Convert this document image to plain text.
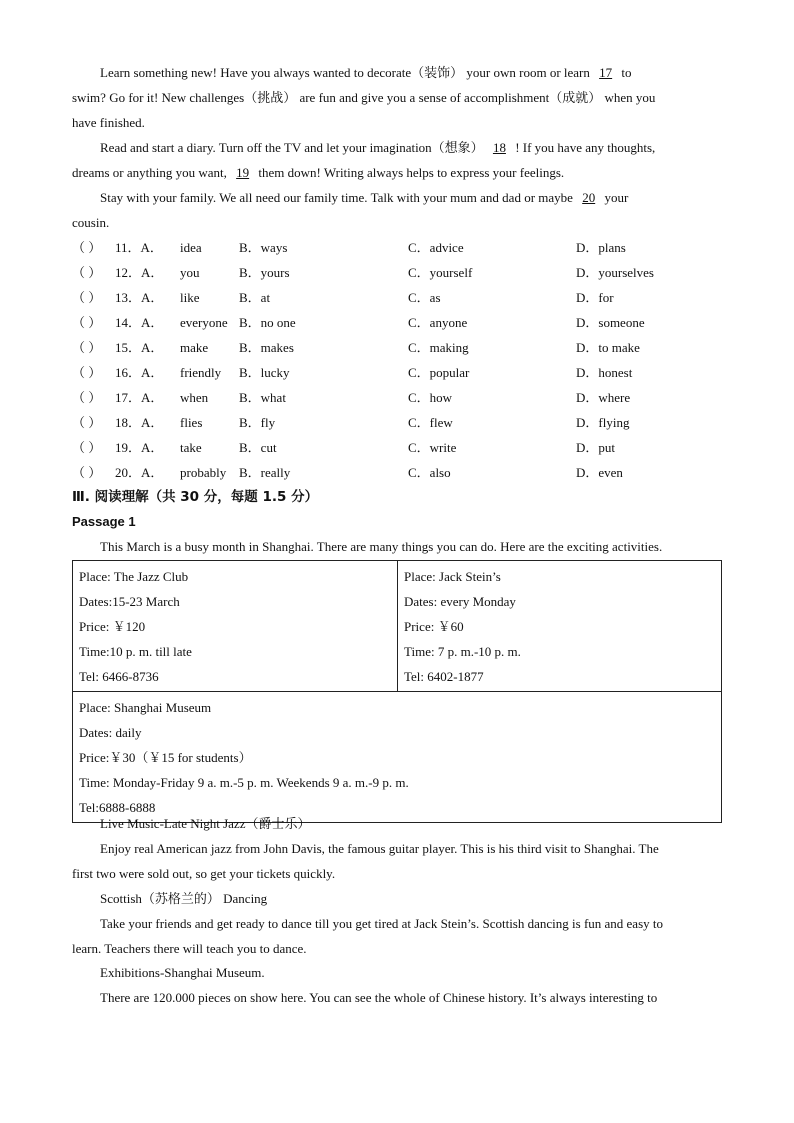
Learn something new! Have you always wanted to decorate（装饰） your own room or learn 17 to
swim? Go for it! New challenges（挑战） are fun and give you a sense of accomplishment（成就） when you
have finished.
Read and start a diary. Turn off the TV and let your imagination（想象） 18 ! If you have any thoughts,
dreams or anything you want, 19 them down! Writing always helps to express your feelings.
Stay with your family. We all need our family time. Talk with your mum and dad or maybe 20 your
cousin.
（ ） 11．A． idea	B．ways	C．advice	D．plans
（ ） 12．A． you	B．yours	C．yourself	D．yourselves
（ ） 13．A． like	B．at	C．as	D．for
（ ） 14．A． everyone B．no one	C．anyone	D．someone
（ ） 15．A． make B．makes	C．making	D．to make
（ ） 16．A． friendly B．lucky	C．popular	D．honest
（ ） 17．A． when B．what	C．how	D．where
（ ） 18．A． flies	B．fly	C．flew	D．flying
（ ） 19．A． take	B．cut	C．write	D．put
（ ） 20．A． probably B．really	C．also	D．even
Ⅲ. 阅读理解（共 30 分，每题 1.5 分）
Passage 1
This March is a busy month in Shanghai. There are many things you can do. Here are the exciting activities.
Place: The Jazz Club
Dates:15-23 March
Price: ￥120
Time:10 p. m. till late
Tel: 6466-8736

Place: Jack Stein’s
Dates: every Monday
Price: ￥60
Time: 7 p. m.-10 p. m.
Tel: 6402-1877

Place: Shanghai Museum
Dates: daily
Price:￥30（￥15 for students）
Time: Monday-Friday 9 a. m.-5 p. m. Weekends 9 a. m.-9 p. m.
Tel:6888-6888
Live Music-Late Night Jazz（爵士乐）
Enjoy real American jazz from John Davis, the famous guitar player. This is his third visit to Shanghai. The
first two were sold out, so get your tickets quickly.
Scottish（苏格兰的） Dancing
Take your friends and get ready to dance till you get tired at Jack Stein’s. Scottish dancing is fun and easy to
learn. Teachers there will teach you to dance.
Exhibitions-Shanghai Museum.
There are 120.000 pieces on show here. You can see the whole of Chinese history. It’s always interesting to
